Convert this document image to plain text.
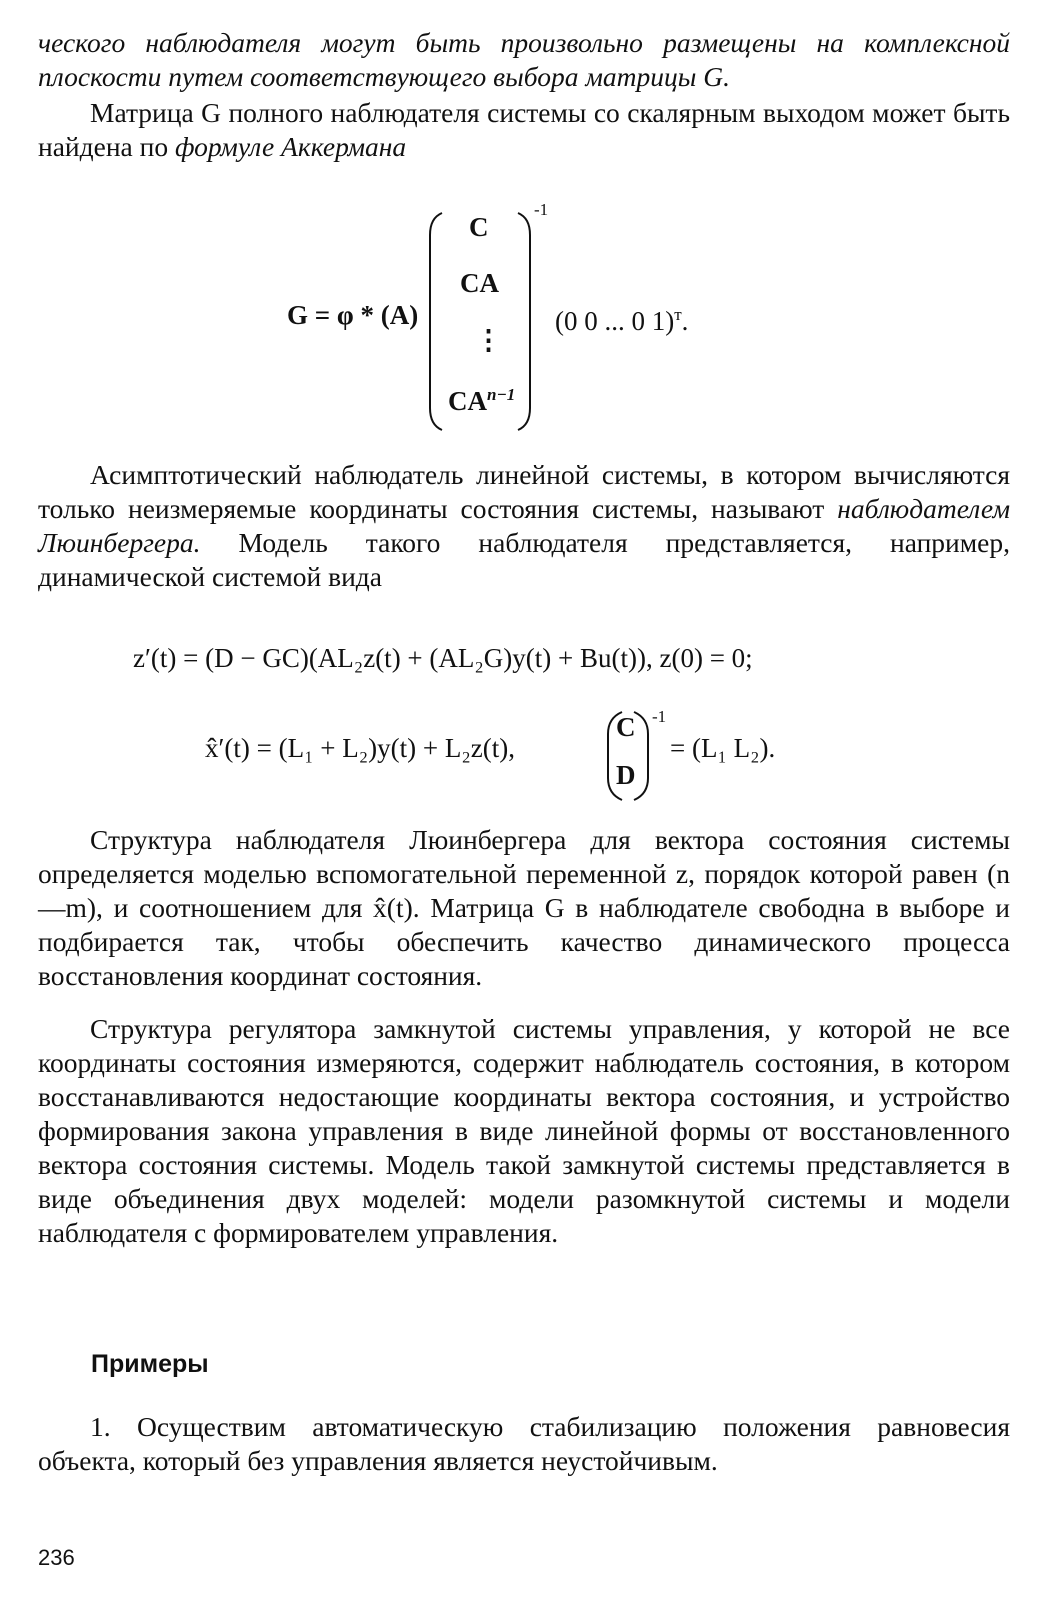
ческого наблюдателя могут быть произвольно размещены на комплексной плоскости путем соответствующего выбора матрицы G.
Матрица G полного наблюдателя системы со скалярным выходом может быть найдена по формуле Аккермана
G = φ * (A)
C
CA
⋮
$CA^{n-1}$
-1
(0 0 ... 0 1)$^т$.
Асимптотический наблюдатель линейной системы, в котором вычисляются только неизмеряемые координаты состояния системы, называют наблюдателем Люинбергера. Модель такого наблюдателя представляется, например, динамической системой вида
z′(t) = (D − GC)(AL₂z(t) + (AL₂G)y(t) + Bu(t)), z(0) = 0;
x̂′(t) = (L₁ + L₂)y(t) + L₂z(t),
C
D
-1
= (L₁ L₂).
Структура наблюдателя Люинбергера для вектора состояния системы определяется моделью вспомогательной переменной z, порядок которой равен (n—m), и соотношением для x̂(t). Матрица G в наблюдателе свободна в выборе и подбирается так, чтобы обеспечить качество динамического процесса восстановления координат состояния.
Структура регулятора замкнутой системы управления, у которой не все координаты состояния измеряются, содержит наблюдатель состояния, в котором восстанавливаются недостающие координаты вектора состояния, и устройство формирования закона управления в виде линейной формы от восстановленного вектора состояния системы. Модель такой замкнутой системы представляется в виде объединения двух моделей: модели разомкнутой системы и модели наблюдателя с формирователем управления.
Примеры
1. Осуществим автоматическую стабилизацию положения равновесия объекта, который без управления является неустойчивым.
236
